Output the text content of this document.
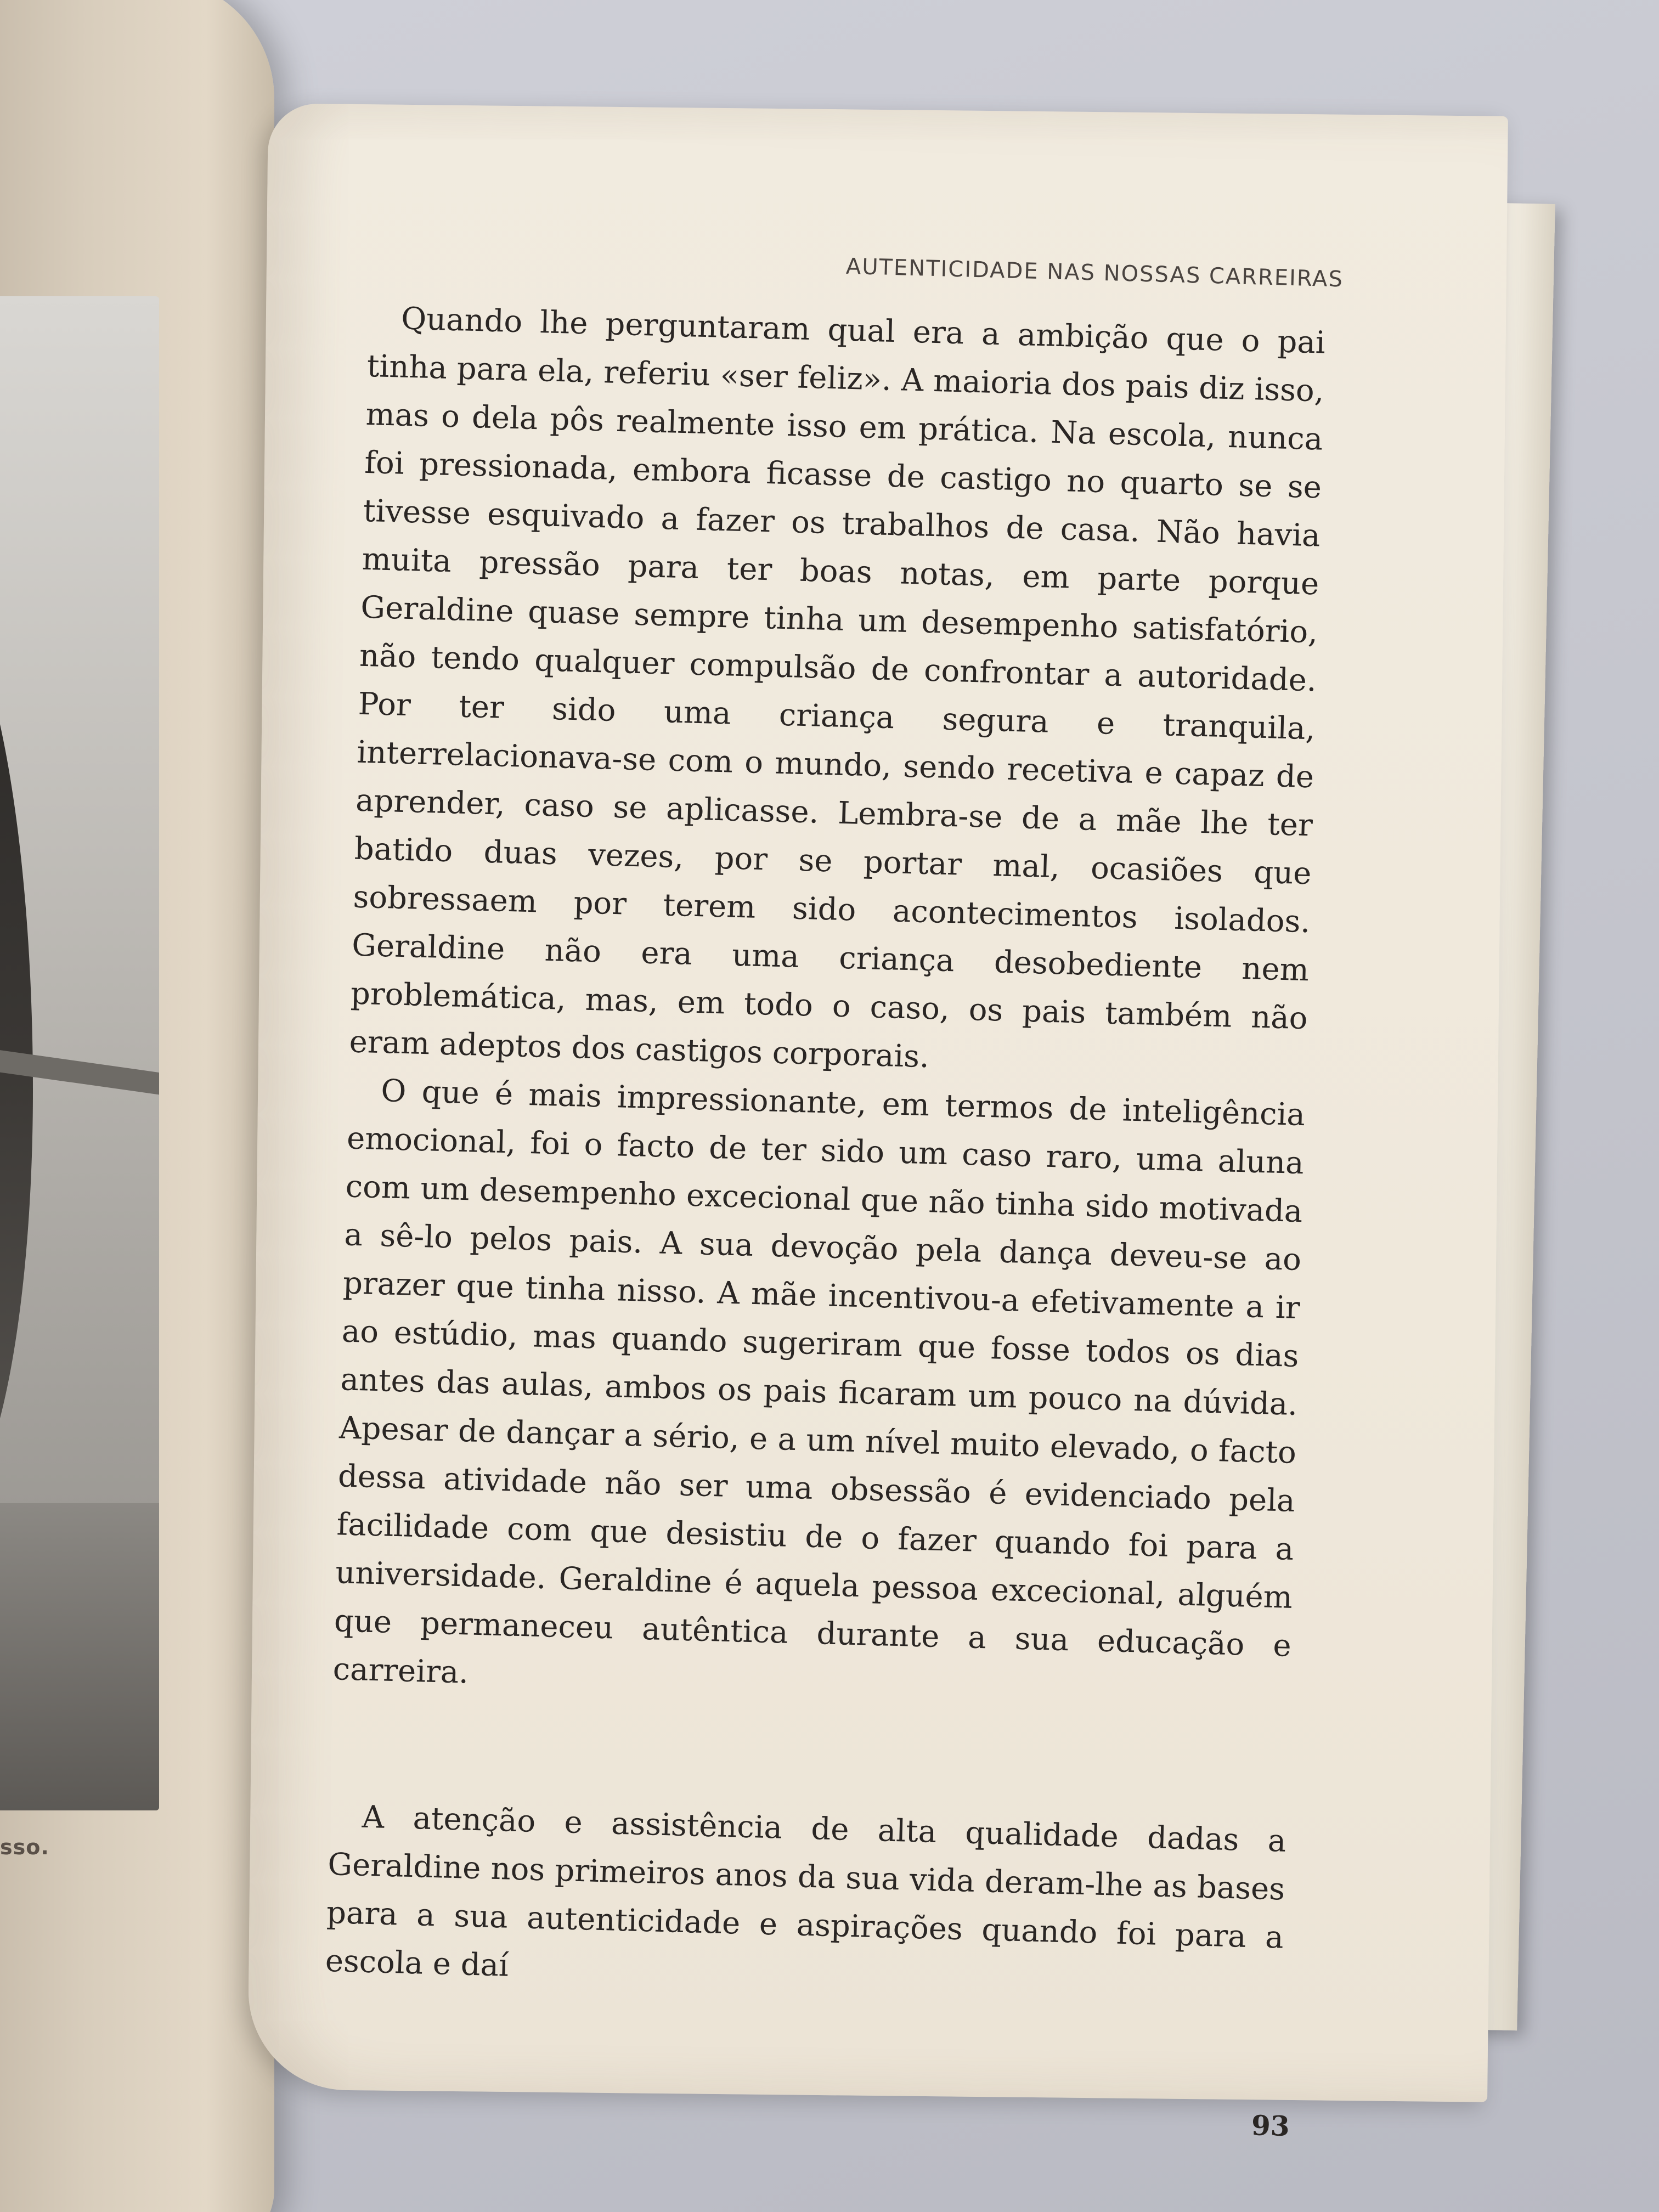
sso.
AUTENTICIDADE NAS NOSSAS CARREIRAS

Quando lhe perguntaram qual era a ambição que o pai tinha para ela, referiu «ser feliz». A maioria dos pais diz isso, mas o dela pôs realmente isso em prática. Na escola, nunca foi pressionada, embora ficasse de castigo no quarto se se tivesse esquivado a fazer os trabalhos de casa. Não havia muita pressão para ter boas notas, em parte porque Geraldine quase sempre tinha um desempenho satisfatório, não tendo qualquer compulsão de confrontar a autoridade. Por ter sido uma criança segura e tranquila, interrelacionava-se com o mundo, sendo recetiva e capaz de aprender, caso se aplicasse. Lembra-se de a mãe lhe ter batido duas vezes, por se portar mal, ocasiões que sobressaem por terem sido acontecimentos isolados. Geraldine não era uma criança desobediente nem problemática, mas, em todo o caso, os pais também não eram adeptos dos castigos corporais.

O que é mais impressionante, em termos de inteligência emocional, foi o facto de ter sido um caso raro, uma aluna com um desempenho excecional que não tinha sido motivada a sê-lo pelos pais. A sua devoção pela dança deveu-se ao prazer que tinha nisso. A mãe incentivou-a efetivamente a ir ao estúdio, mas quando sugeriram que fosse todos os dias antes das aulas, ambos os pais ficaram um pouco na dúvida. Apesar de dançar a sério, e a um nível muito elevado, o facto dessa atividade não ser uma obsessão é evidenciado pela facilidade com que desistiu de o fazer quando foi para a universidade. Geraldine é aquela pessoa excecional, alguém que permaneceu autêntica durante a sua educação e carreira.

A atenção e assistência de alta qualidade dadas a Geraldine nos primeiros anos da sua vida deram-lhe as bases para a sua autenticidade e aspirações quando foi para a escola e daí

93
